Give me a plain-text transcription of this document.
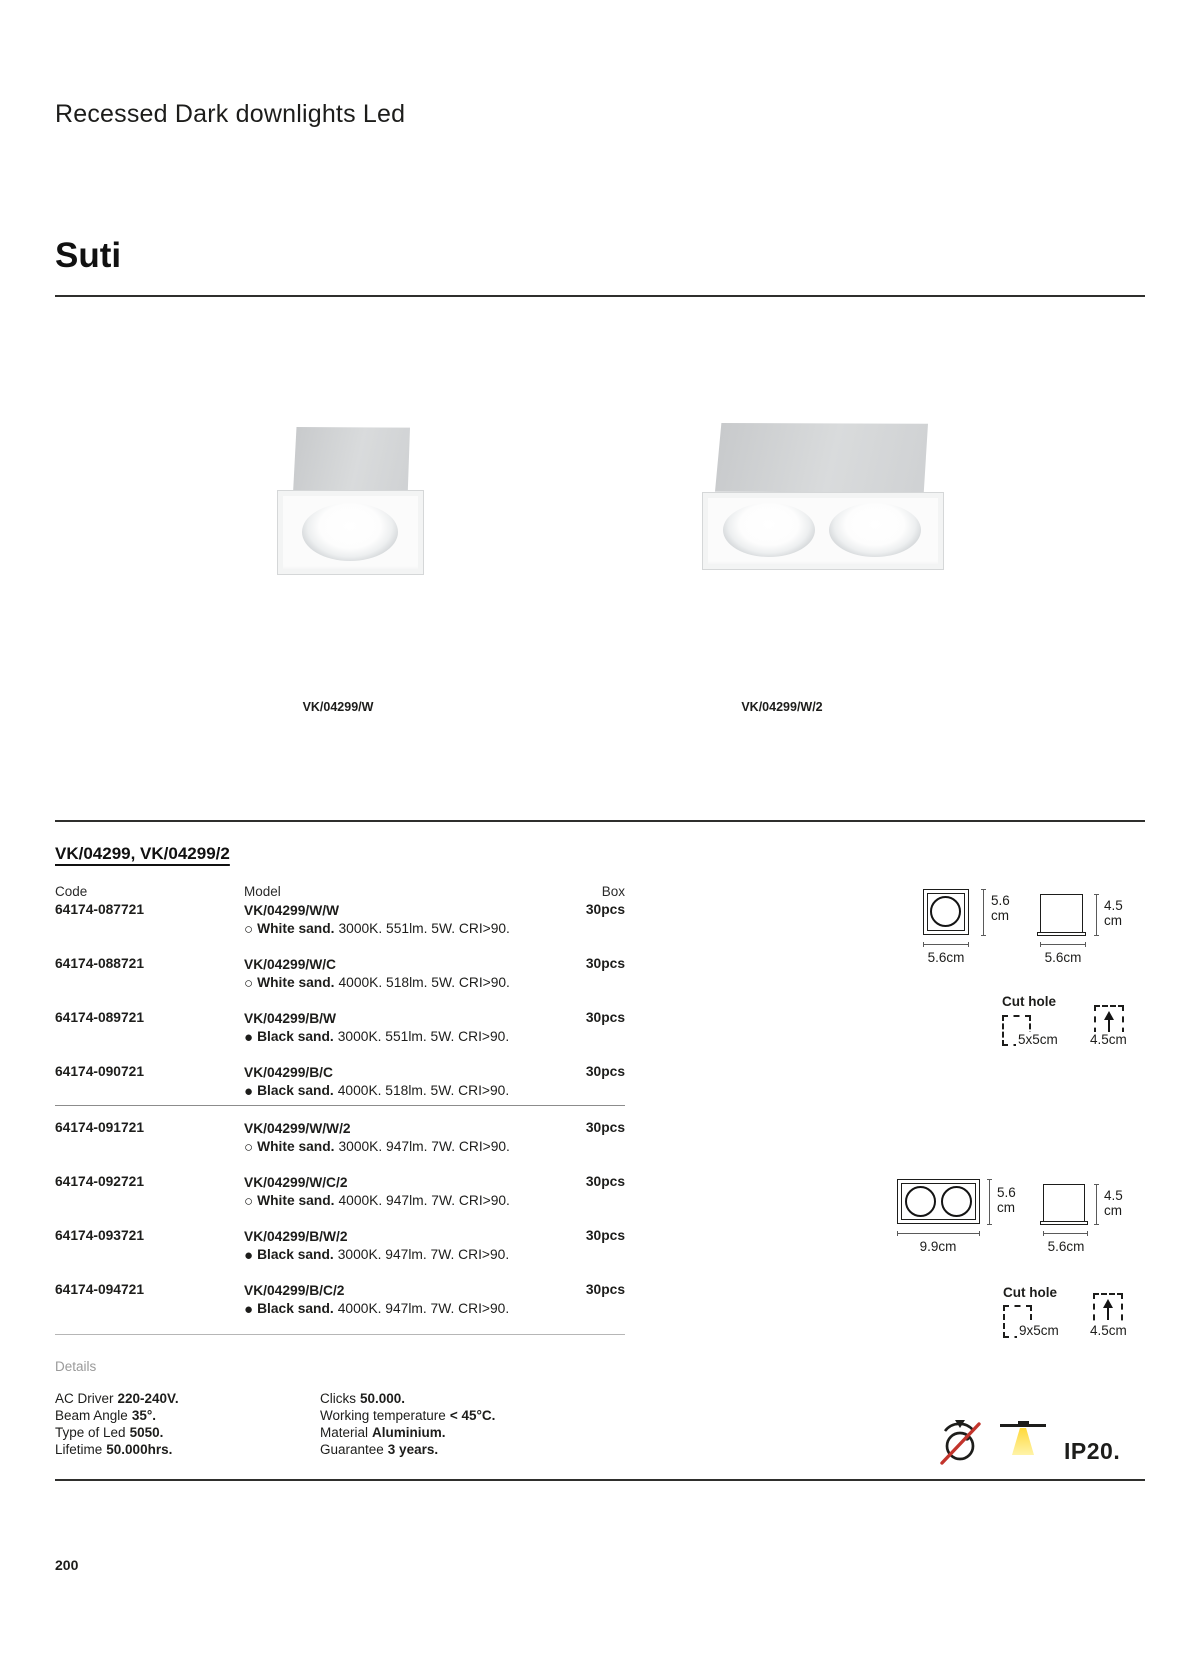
Recessed Dark downlights Led
Suti
VK/04299/W	VK/04299/W/2
VK/04299, VK/04299/2
Code	Model	Box
64174-087721	VK/04299/W/W
○ White sand. 3000K. 551lm. 5W. CRI>90.
30pcs
64174-088721	VK/04299/W/C
○ White sand. 4000K. 518lm. 5W. CRI>90.
30pcs
64174-089721	VK/04299/B/W
● Black sand. 3000K. 551lm. 5W. CRI>90.
30pcs
64174-090721	VK/04299/B/C
● Black sand. 4000K. 518lm. 5W. CRI>90.
30pcs
64174-091721	VK/04299/W/W/2
○ White sand. 3000K. 947lm. 7W. CRI>90.
30pcs
64174-092721	VK/04299/W/C/2
○ White sand. 4000K. 947lm. 7W. CRI>90.
30pcs
64174-093721	VK/04299/B/W/2
● Black sand. 3000K. 947lm. 7W. CRI>90.
30pcs
64174-094721	VK/04299/B/C/2
● Black sand. 4000K. 947lm. 7W. CRI>90.
30pcs
Details
AC Driver 220-240V.
Beam Angle 35°.
Type of Led 5050.
Lifetime 50.000hrs.
Clicks 50.000.
Working temperature < 45°C.
Material Aluminium.
Guarantee 3 years.
5.6
cm
5.6cm
4.5
cm
5.6cm
Cut hole
5x5cm 4.5cm
5.6
cm
9.9cm
4.5
cm
5.6cm
Cut hole
9x5cm 4.5cm
IP20.
200
